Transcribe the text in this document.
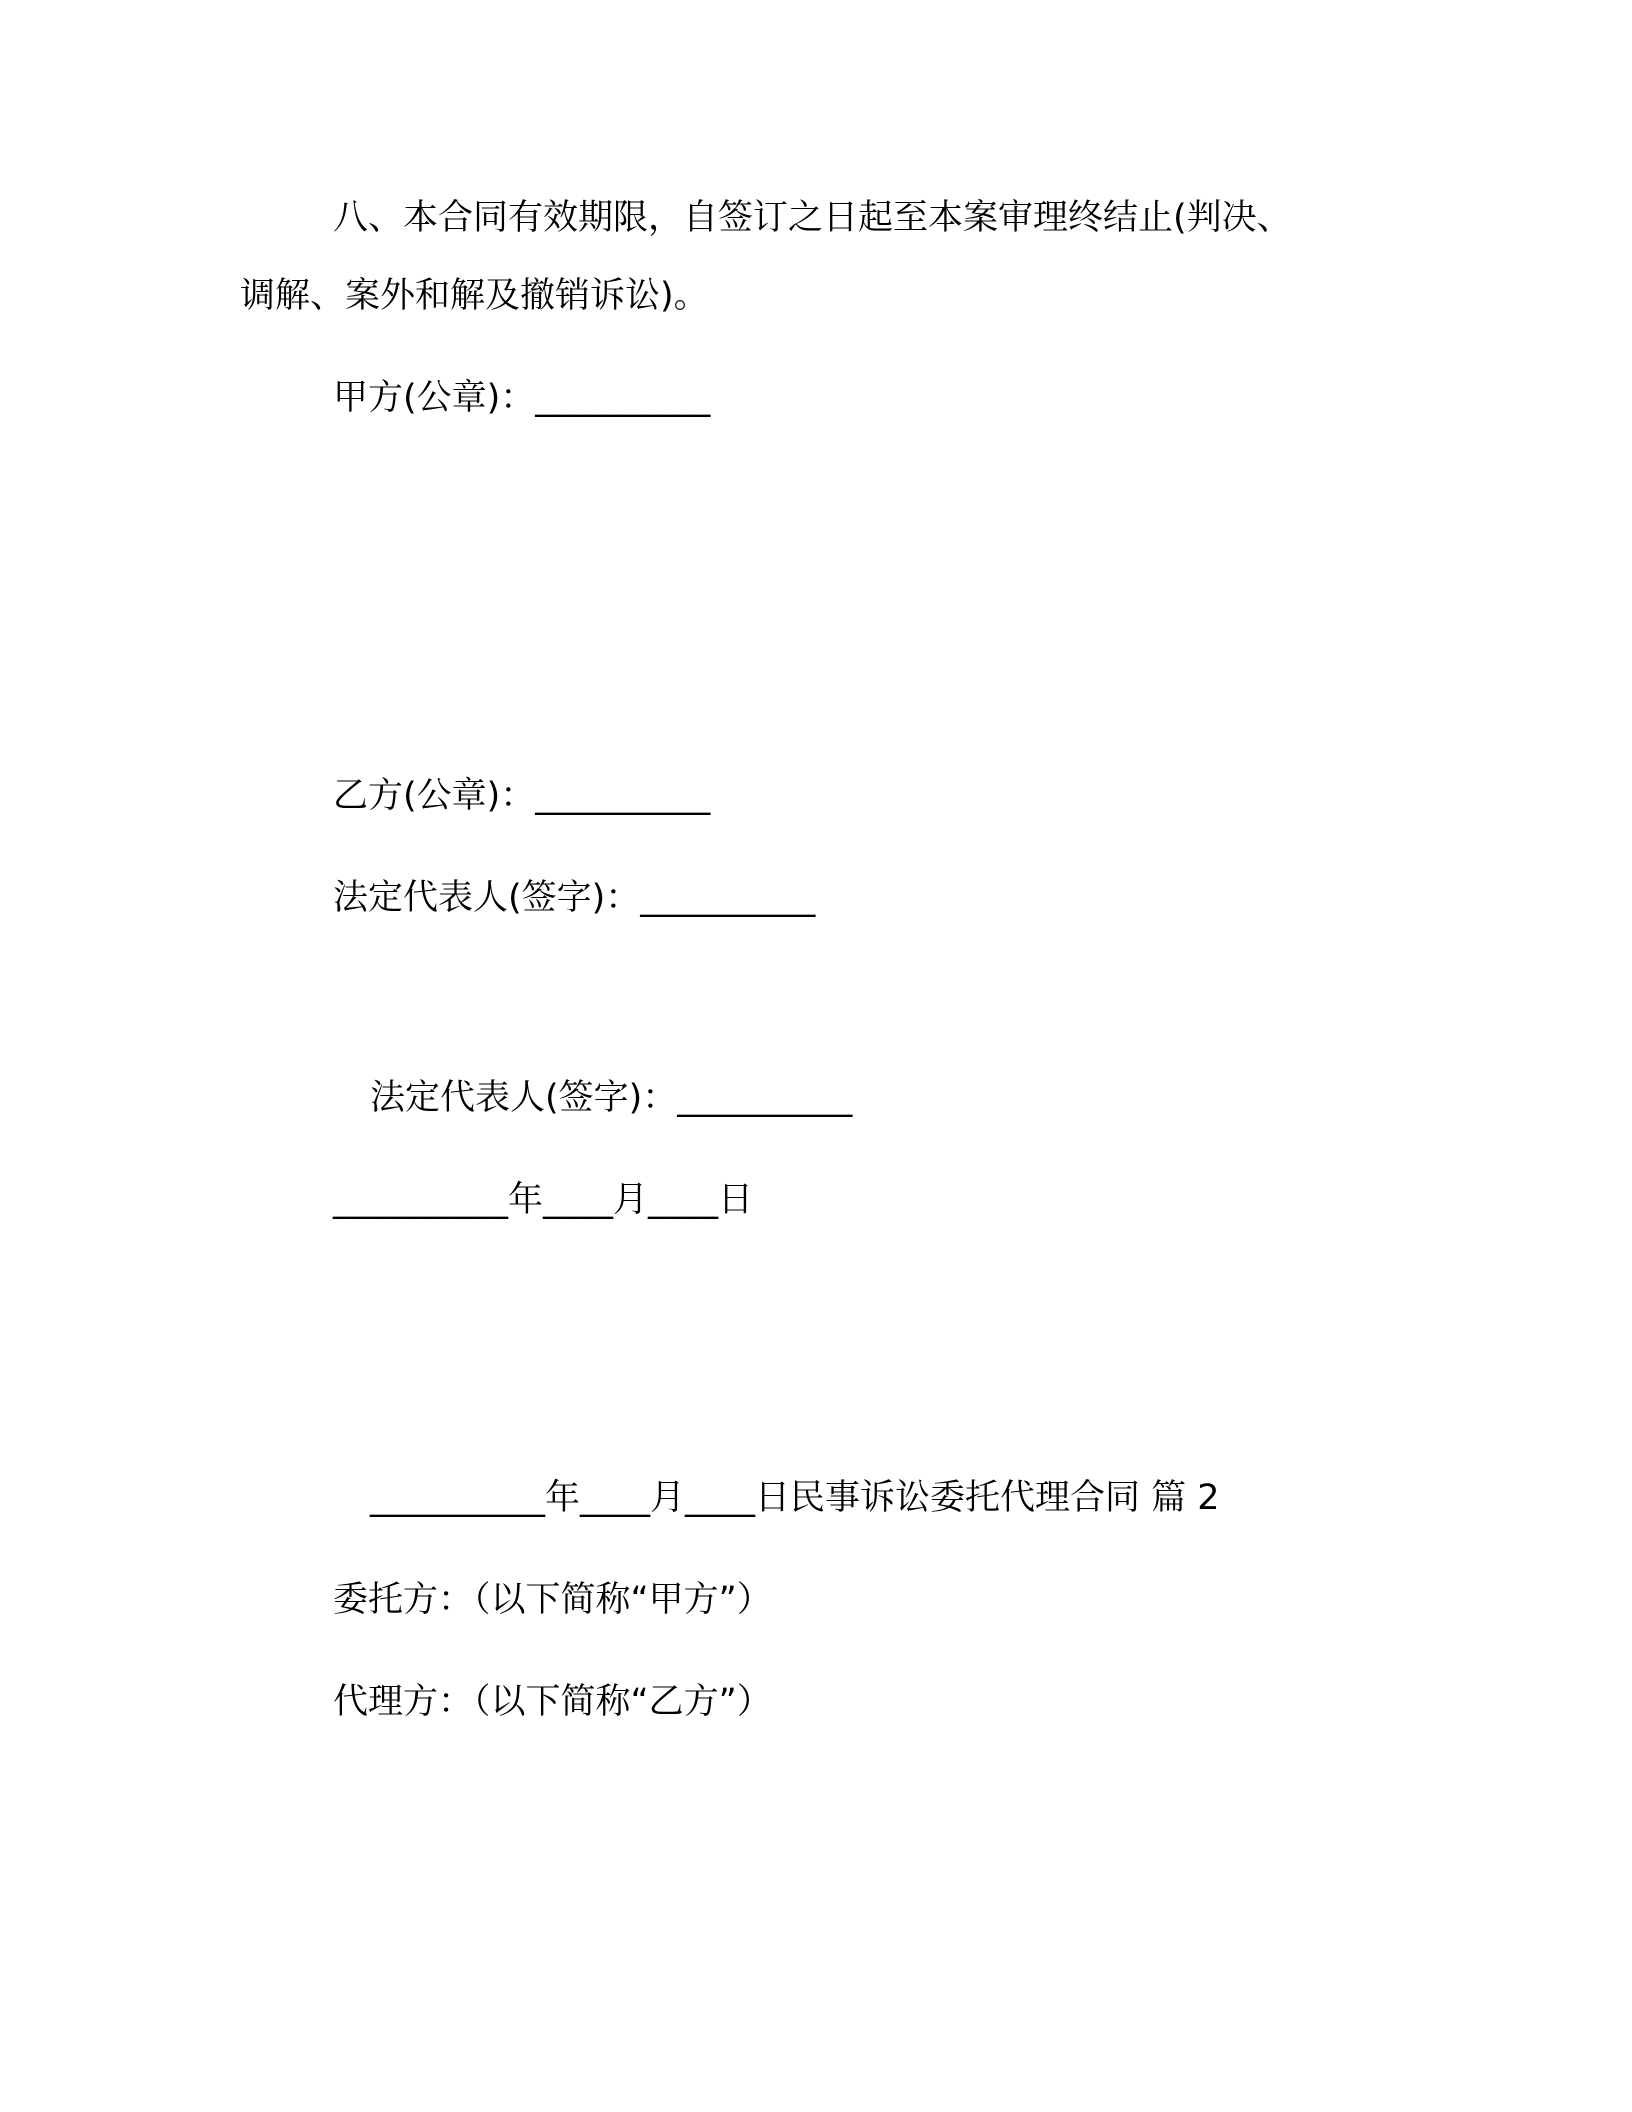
八、本合同有效期限，自签订之日起至本案审理终结止(判决、
调解、案外和解及撤销诉讼)。
甲方(公章)：__________
乙方(公章)：__________
法定代表人(签字)：__________
法定代表人(签字)：__________
__________年____月____日
__________年____月____日民事诉讼委托代理合同 篇 2
委托方：（以下简称“甲方”）
代理方：（以下简称“乙方”）
